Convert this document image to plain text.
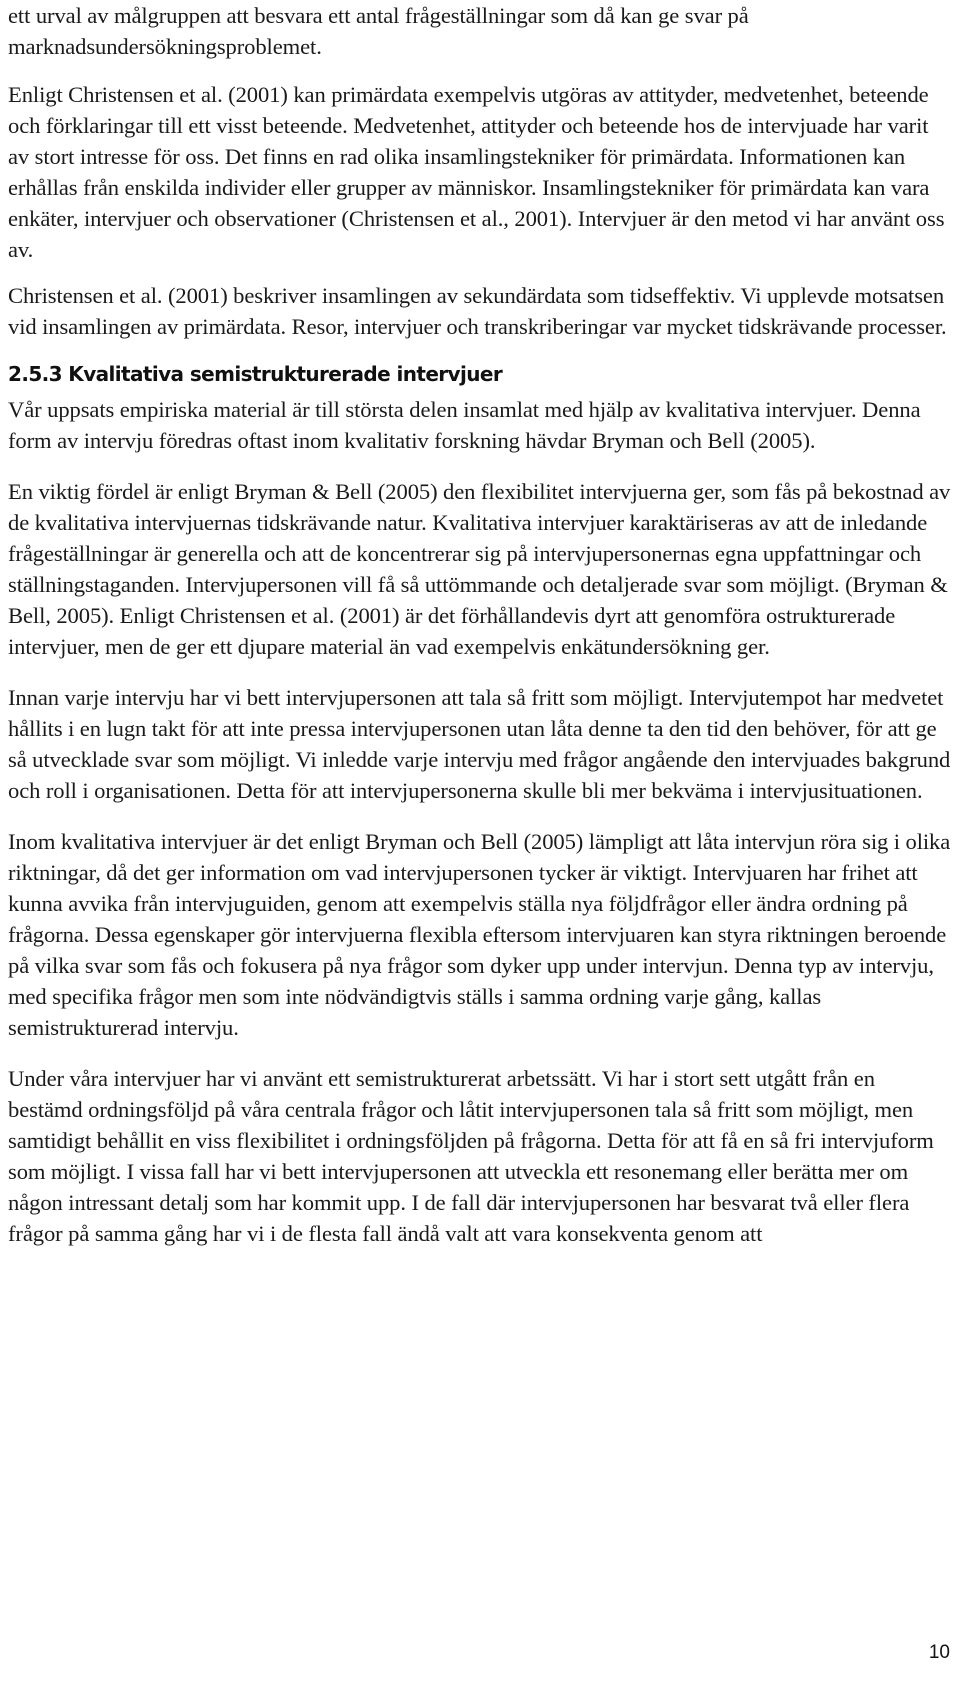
ett urval av målgruppen att besvara ett antal frågeställningar som då kan ge svar på marknadsundersökningsproblemet.

Enligt Christensen et al. (2001) kan primärdata exempelvis utgöras av attityder, medvetenhet, beteende och förklaringar till ett visst beteende. Medvetenhet, attityder och beteende hos de intervjuade har varit av stort intresse för oss. Det finns en rad olika insamlingstekniker för primärdata. Informationen kan erhållas från enskilda individer eller grupper av människor. Insamlingstekniker för primärdata kan vara enkäter, intervjuer och observationer (Christensen et al., 2001). Intervjuer är den metod vi har använt oss av.

Christensen et al. (2001) beskriver insamlingen av sekundärdata som tidseffektiv. Vi upplevde motsatsen vid insamlingen av primärdata. Resor, intervjuer och transkriberingar var mycket tidskrävande processer.

2.5.3 Kvalitativa semistrukturerade intervjuer

Vår uppsats empiriska material är till största delen insamlat med hjälp av kvalitativa intervjuer. Denna form av intervju föredras oftast inom kvalitativ forskning hävdar Bryman och Bell (2005).

En viktig fördel är enligt Bryman & Bell (2005) den flexibilitet intervjuerna ger, som fås på bekostnad av de kvalitativa intervjuernas tidskrävande natur. Kvalitativa intervjuer karaktäriseras av att de inledande frågeställningar är generella och att de koncentrerar sig på intervjupersonernas egna uppfattningar och ställningstaganden. Intervjupersonen vill få så uttömmande och detaljerade svar som möjligt. (Bryman & Bell, 2005). Enligt Christensen et al. (2001) är det förhållandevis dyrt att genomföra ostrukturerade intervjuer, men de ger ett djupare material än vad exempelvis enkätundersökning ger.

Innan varje intervju har vi bett intervjupersonen att tala så fritt som möjligt. Intervjutempot har medvetet hållits i en lugn takt för att inte pressa intervjupersonen utan låta denne ta den tid den behöver, för att ge så utvecklade svar som möjligt. Vi inledde varje intervju med frågor angående den intervjuades bakgrund och roll i organisationen. Detta för att intervjupersonerna skulle bli mer bekväma i intervjusituationen.

Inom kvalitativa intervjuer är det enligt Bryman och Bell (2005) lämpligt att låta intervjun röra sig i olika riktningar, då det ger information om vad intervjupersonen tycker är viktigt. Intervjuaren har frihet att kunna avvika från intervjuguiden, genom att exempelvis ställa nya följdfrågor eller ändra ordning på frågorna. Dessa egenskaper gör intervjuerna flexibla eftersom intervjuaren kan styra riktningen beroende på vilka svar som fås och fokusera på nya frågor som dyker upp under intervjun. Denna typ av intervju, med specifika frågor men som inte nödvändigtvis ställs i samma ordning varje gång, kallas semistrukturerad intervju.

Under våra intervjuer har vi använt ett semistrukturerat arbetssätt. Vi har i stort sett utgått från en bestämd ordningsföljd på våra centrala frågor och låtit intervjupersonen tala så fritt som möjligt, men samtidigt behållit en viss flexibilitet i ordningsföljden på frågorna. Detta för att få en så fri intervjuform som möjligt. I vissa fall har vi bett intervjupersonen att utveckla ett resonemang eller berätta mer om någon intressant detalj som har kommit upp. I de fall där intervjupersonen har besvarat två eller flera frågor på samma gång har vi i de flesta fall ändå valt att vara konsekventa genom att

10
